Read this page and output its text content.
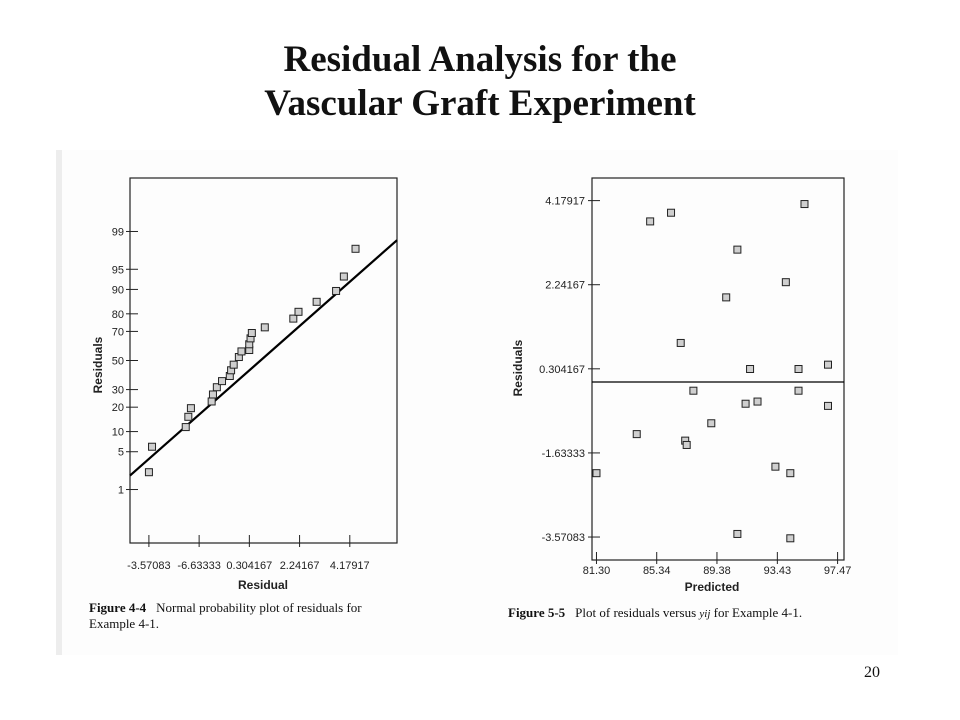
Residual Analysis for the
Vascular Graft Experiment
1
5
10
20
30
50
70
80
90
95
99
-3.57083 -6.63333 0.304167 2.24167 4.17917
Residual
Residuals
4.17917
2.24167
0.304167
-1.63333
-3.57083
81.30	85.34	89.38	93.43	97.47
Predicted
Residuals
Figure 4-4 Normal probability plot of residuals for Example 4-1.
Figure 5-5 Plot of residuals versus yij for Example 4-1.
20
